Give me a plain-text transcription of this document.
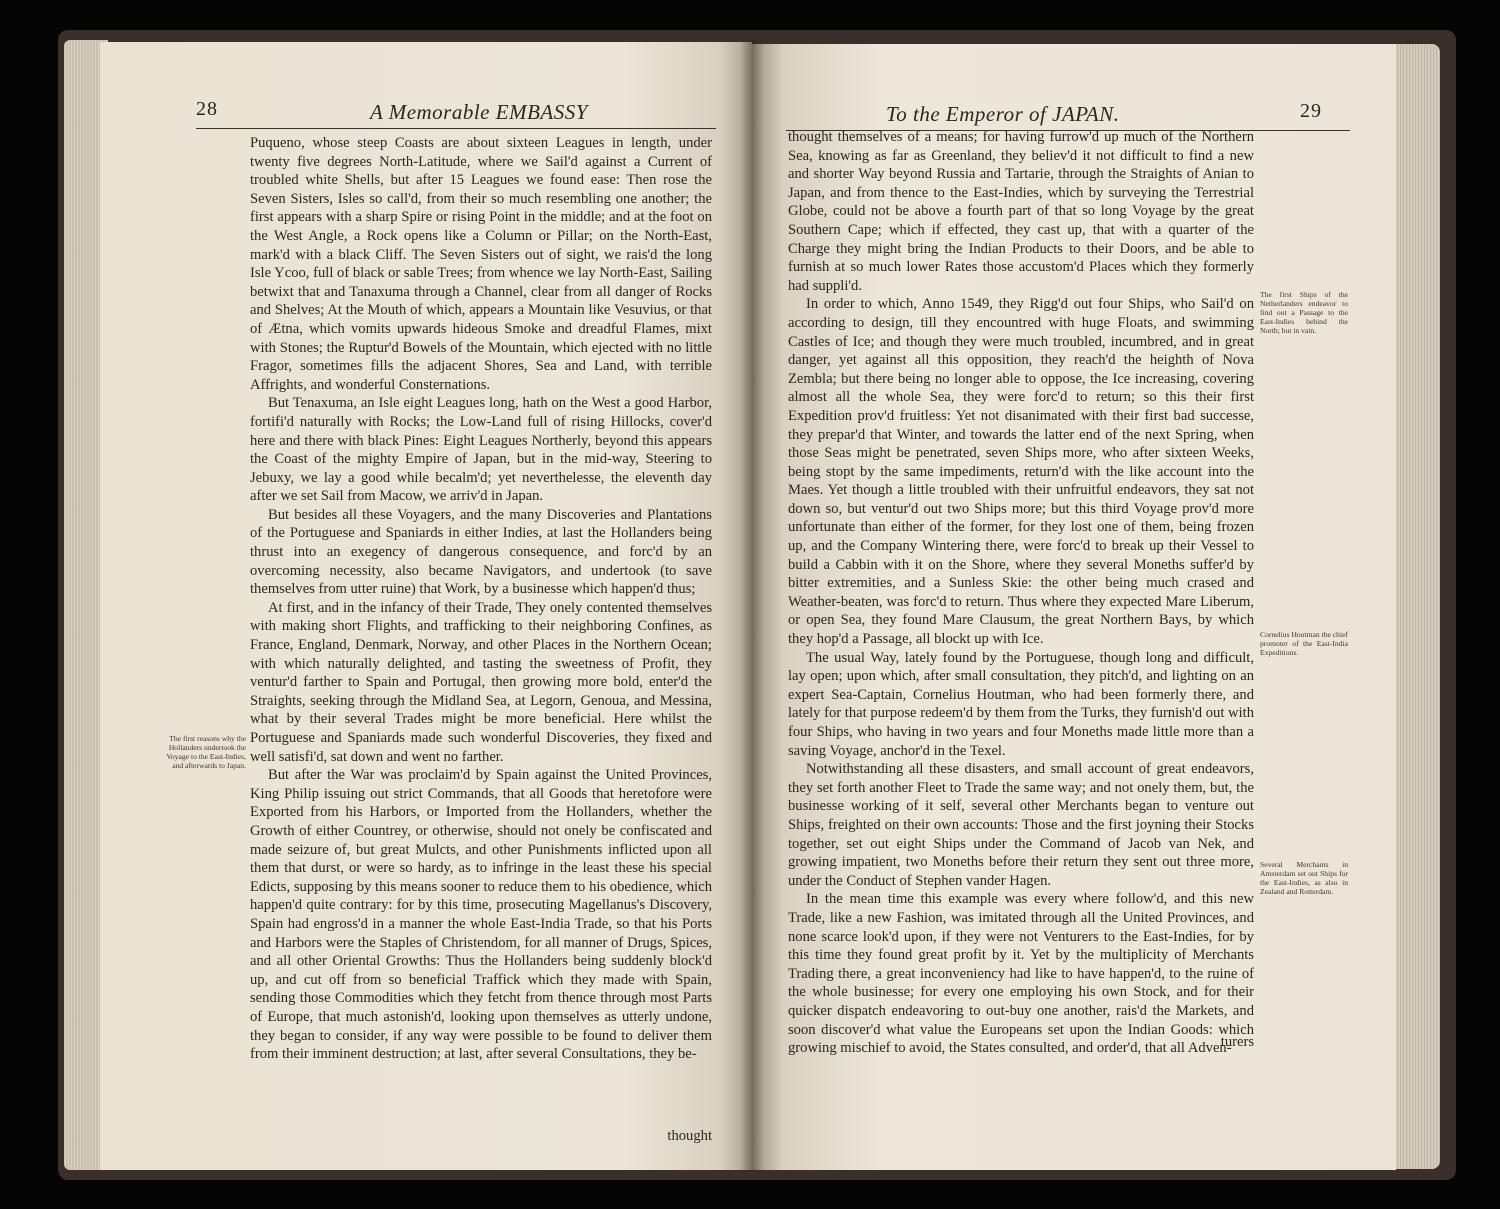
28	A Memorable EMBASSY

Puqueno, whose steep Coasts are about sixteen Leagues in length, under twenty five degrees North-Latitude, where we Sail'd against a Current of troubled white Shells, but after 15 Leagues we found ease: Then rose the Seven Sisters, Isles so call'd, from their so much resembling one another; the first appears with a sharp Spire or rising Point in the middle; and at the foot on the West Angle, a Rock opens like a Column or Pillar; on the North-East, mark'd with a black Cliff. The Seven Sisters out of sight, we rais'd the long Isle Ycoo, full of black or sable Trees; from whence we lay North-East, Sailing betwixt that and Tanaxuma through a Channel, clear from all danger of Rocks and Shelves; At the Mouth of which, appears a Mountain like Vesuvius, or that of Ætna, which vomits upwards hideous Smoke and dreadful Flames, mixt with Stones; the Ruptur'd Bowels of the Mountain, which ejected with no little Fragor, sometimes fills the adjacent Shores, Sea and Land, with terrible Affrights, and wonderful Consternations.

But Tenaxuma, an Isle eight Leagues long, hath on the West a good Harbor, fortifi'd naturally with Rocks; the Low-Land full of rising Hillocks, cover'd here and there with black Pines: Eight Leagues Northerly, beyond this appears the Coast of the mighty Empire of Japan, but in the mid-way, Steering to Jebuxy, we lay a good while becalm'd; yet neverthelesse, the eleventh day after we set Sail from Macow, we arriv'd in Japan.

But besides all these Voyagers, and the many Discoveries and Plantations of the Portuguese and Spaniards in either Indies, at last the Hollanders being thrust into an exegency of dangerous consequence, and forc'd by an overcoming necessity, also became Navigators, and undertook (to save themselves from utter ruine) that Work, by a businesse which happen'd thus;

At first, and in the infancy of their Trade, They onely contented themselves with making short Flights, and trafficking to their neighboring Confines, as France, England, Denmark, Norway, and other Places in the Northern Ocean; with which naturally delighted, and tasting the sweetness of Profit, they ventur'd farther to Spain and Portugal, then growing more bold, enter'd the Straights, seeking through the Midland Sea, at Legorn, Genoua, and Messina, what by their several Trades might be more beneficial. Here whilst the Portuguese and Spaniards made such wonderful Discoveries, they fixed and well satisfi'd, sat down and went no farther.

But after the War was proclaim'd by Spain against the United Provinces, King Philip issuing out strict Commands, that all Goods that heretofore were Exported from his Harbors, or Imported from the Hollanders, whether the Growth of either Countrey, or otherwise, should not onely be confiscated and made seizure of, but great Mulcts, and other Punishments inflicted upon all them that durst, or were so hardy, as to infringe in the least these his special Edicts, supposing by this means sooner to reduce them to his obedience, which happen'd quite contrary: for by this time, prosecuting Magellanus's Discovery, Spain had engross'd in a manner the whole East-India Trade, so that his Ports and Harbors were the Staples of Christendom, for all manner of Drugs, Spices, and all other Oriental Growths: Thus the Hollanders being suddenly block'd up, and cut off from so beneficial Traffick which they made with Spain, sending those Commodities which they fetcht from thence through most Parts of Europe, that much astonish'd, looking upon themselves as utterly undone, they began to consider, if any way were possible to be found to deliver them from their imminent destruction; at last, after several Consultations, they be-

thought
The first reasons why the Hollanders undertook the Voyage to the East-Indies, and afterwards to Japan.
To the Emperor of JAPAN.	29

thought themselves of a means; for having furrow'd up much of the Northern Sea, knowing as far as Greenland, they believ'd it not difficult to find a new and shorter Way beyond Russia and Tartarie, through the Straights of Anian to Japan, and from thence to the East-Indies, which by surveying the Terrestrial Globe, could not be above a fourth part of that so long Voyage by the great Southern Cape; which if effected, they cast up, that with a quarter of the Charge they might bring the Indian Products to their Doors, and be able to furnish at so much lower Rates those accustom'd Places which they formerly had suppli'd.

In order to which, Anno 1549, they Rigg'd out four Ships, who Sail'd on according to design, till they encountred with huge Floats, and swimming Castles of Ice; and though they were much troubled, incumbred, and in great danger, yet against all this opposition, they reach'd the heighth of Nova Zembla; but there being no longer able to oppose, the Ice increasing, covering almost all the whole Sea, they were forc'd to return; so this their first Expedition prov'd fruitless: Yet not disanimated with their first bad successe, they prepar'd that Winter, and towards the latter end of the next Spring, when those Seas might be penetrated, seven Ships more, who after sixteen Weeks, being stopt by the same impediments, return'd with the like account into the Maes. Yet though a little troubled with their unfruitful endeavors, they sat not down so, but ventur'd out two Ships more; but this third Voyage prov'd more unfortunate than either of the former, for they lost one of them, being frozen up, and the Company Wintering there, were forc'd to break up their Vessel to build a Cabbin with it on the Shore, where they several Moneths suffer'd by bitter extremities, and a Sunless Skie: the other being much crased and Weather-beaten, was forc'd to return. Thus where they expected Mare Liberum, or open Sea, they found Mare Clausum, the great Northern Bays, by which they hop'd a Passage, all blockt up with Ice.

The usual Way, lately found by the Portuguese, though long and difficult, lay open; upon which, after small consultation, they pitch'd, and lighting on an expert Sea-Captain, Cornelius Houtman, who had been formerly there, and lately for that purpose redeem'd by them from the Turks, they furnish'd out with four Ships, who having in two years and four Moneths made little more than a saving Voyage, anchor'd in the Texel.

Notwithstanding all these disasters, and small account of great endeavors, they set forth another Fleet to Trade the same way; and not onely them, but, the businesse working of it self, several other Merchants began to venture out Ships, freighted on their own accounts: Those and the first joyning their Stocks together, set out eight Ships under the Command of Jacob van Nek, and growing impatient, two Moneths before their return they sent out three more, under the Conduct of Stephen vander Hagen.

In the mean time this example was every where follow'd, and this new Trade, like a new Fashion, was imitated through all the United Provinces, and none scarce look'd upon, if they were not Venturers to the East-Indies, for by this time they found great profit by it. Yet by the multiplicity of Merchants Trading there, a great inconveniency had like to have happen'd, to the ruine of the whole businesse; for every one employing his own Stock, and for their quicker dispatch endeavoring to out-buy one another, rais'd the Markets, and soon discover'd what value the Europeans set upon the Indian Goods: which growing mischief to avoid, the States consulted, and order'd, that all Adven-

turers
The first Ships of the Netherlanders endeavor to find out a Passage to the East-Indies behind the North; but in vain.
Cornelius Houtman the chief promoter of the East-India Expeditions.
Several Merchants in Amsterdam set out Ships for the East-Indies, as also in Zealand and Rotterdam.
